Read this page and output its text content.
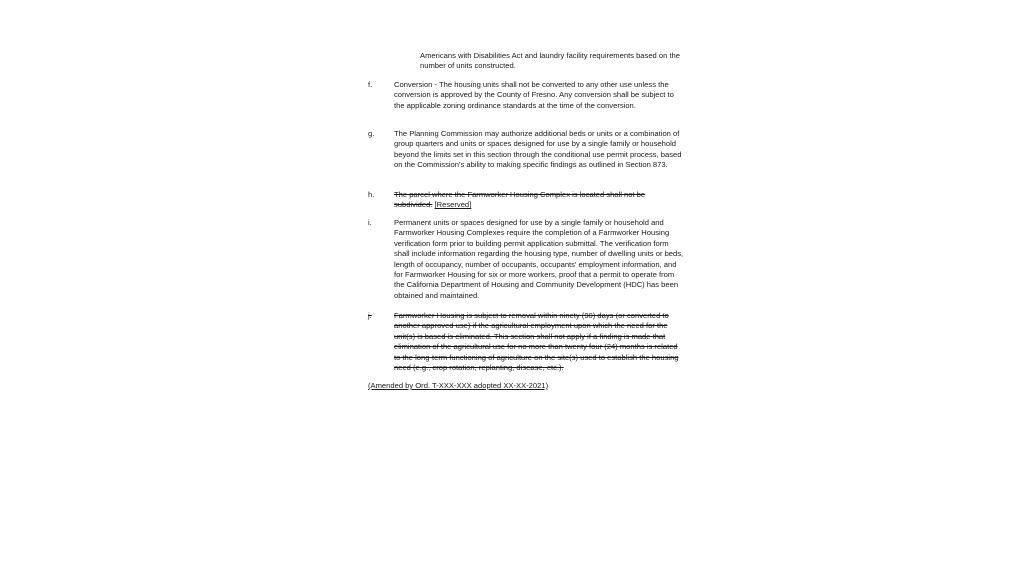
Americans with Disabilities Act and laundry facility requirements based on the number of units constructed.

f.	Conversion - The housing units shall not be converted to any other use unless the conversion is approved by the County of Fresno. Any conversion shall be subject to the applicable zoning ordinance standards at the time of the conversion.

g.	The Planning Commission may authorize additional beds or units or a combination of group quarters and units or spaces designed for use by a single family or household beyond the limits set in this section through the conditional use permit process, based on the Commission's ability to making specific findings as outlined in Section 873.

h.	The parcel where the Farmworker Housing Complex is located shall not be subdivided. [Reserved]

i.	Permanent units or spaces designed for use by a single family or household and Farmworker Housing Complexes require the completion of a Farmworker Housing verification form prior to building permit application submittal. The verification form shall include information regarding the housing type, number of dwelling units or beds, length of occupancy, number of occupants, occupants' employment information, and for Farmworker Housing for six or more workers, proof that a permit to operate from the California Department of Housing and Community Development (HDC) has been obtained and maintained.

j.	Farmworker Housing is subject to removal within ninety (90) days (or converted to another approved use) if the agricultural employment upon which the need for the unit(s) is based is eliminated. This section shall not apply if a finding is made that elimination of the agricultural use for no more than twenty four (24) months is related to the long-term functioning of agriculture on the site(s) used to establish the housing need (e.g., crop rotation, replanting, disease, etc.).

(Amended by Ord. T-XXX-XXX adopted XX-XX-2021)
